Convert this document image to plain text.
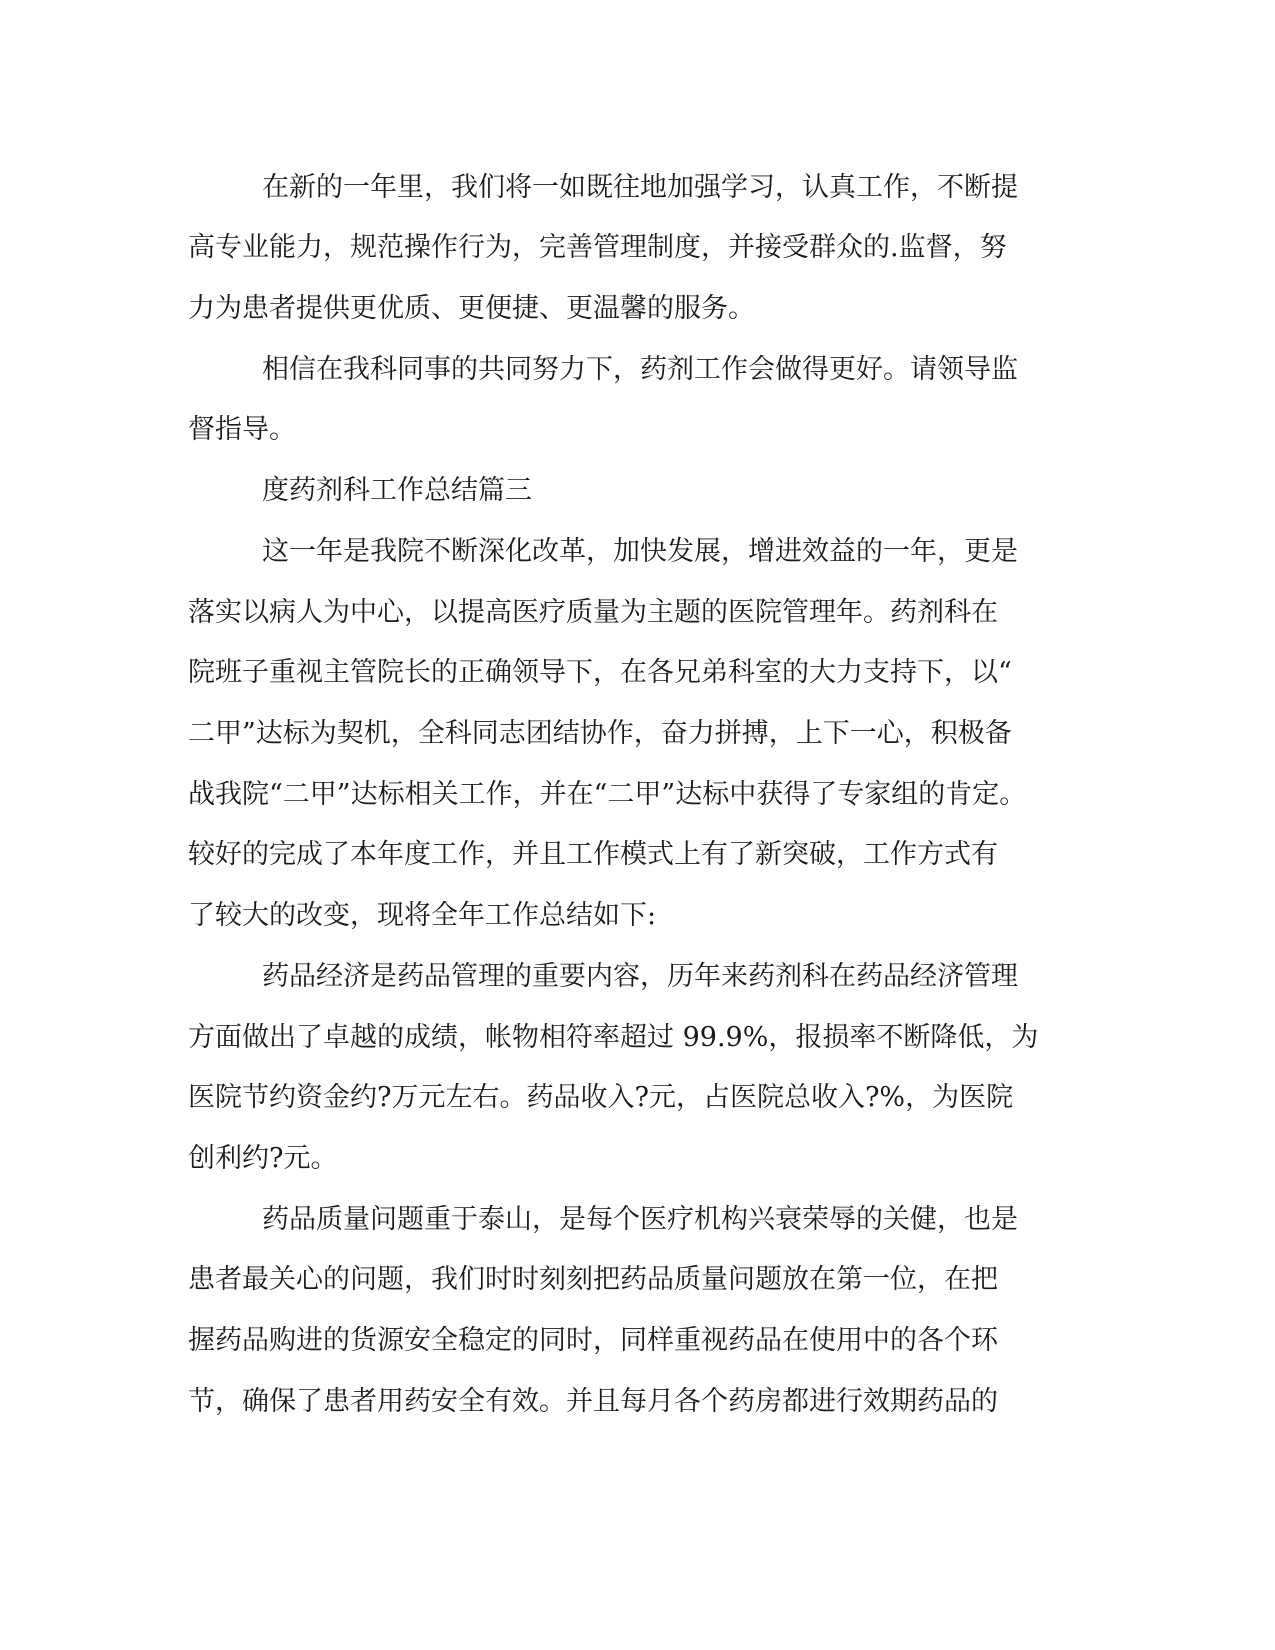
在新的一年里，我们将一如既往地加强学习，认真工作，不断提
高专业能力，规范操作行为，完善管理制度，并接受群众的.监督，努
力为患者提供更优质、更便捷、更温馨的服务。
相信在我科同事的共同努力下，药剂工作会做得更好。请领导监
督指导。
度药剂科工作总结篇三
这一年是我院不断深化改革，加快发展，增进效益的一年，更是
落实以病人为中心，以提高医疗质量为主题的医院管理年。药剂科在
院班子重视主管院长的正确领导下，在各兄弟科室的大力支持下，以“
二甲”达标为契机，全科同志团结协作，奋力拼搏，上下一心，积极备
战我院“二甲”达标相关工作，并在“二甲”达标中获得了专家组的肯定。
较好的完成了本年度工作，并且工作模式上有了新突破，工作方式有
了较大的改变，现将全年工作总结如下:
药品经济是药品管理的重要内容，历年来药剂科在药品经济管理
方面做出了卓越的成绩，帐物相符率超过 99.9%，报损率不断降低，为
医院节约资金约?万元左右。药品收入?元，占医院总收入?%，为医院
创利约?元。
药品质量问题重于泰山，是每个医疗机构兴衰荣辱的关健，也是
患者最关心的问题，我们时时刻刻把药品质量问题放在第一位，在把
握药品购进的货源安全稳定的同时，同样重视药品在使用中的各个环
节，确保了患者用药安全有效。并且每月各个药房都进行效期药品的
